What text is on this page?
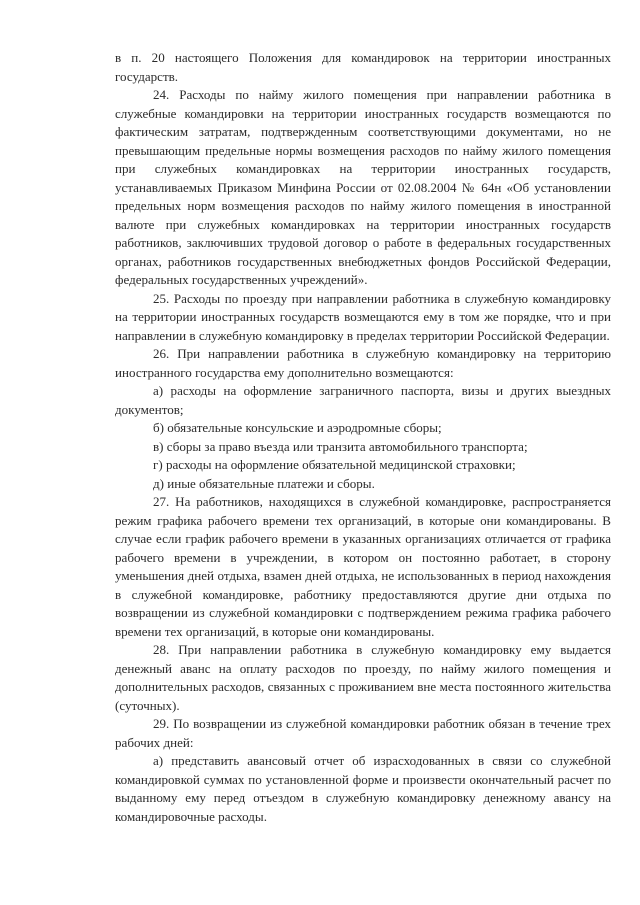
в п. 20 настоящего Положения для командировок на территории иностранных государств.

24. Расходы по найму жилого помещения при направлении работника в служебные командировки на территории иностранных государств возмещаются по фактическим затратам, подтвержденным соответствующими документами, но не превышающим предельные нормы возмещения расходов по найму жилого помещения при служебных командировках на территории иностранных государств, устанавливаемых Приказом Минфина России от 02.08.2004 № 64н «Об установлении предельных норм возмещения расходов по найму жилого помещения в иностранной валюте при служебных командировках на территории иностранных государств работников, заключивших трудовой договор о работе в федеральных государственных органах, работников государственных внебюджетных фондов Российской Федерации, федеральных государственных учреждений».

25. Расходы по проезду при направлении работника в служебную командировку на территории иностранных государств возмещаются ему в том же порядке, что и при направлении в служебную командировку в пределах территории Российской Федерации.

26. При направлении работника в служебную командировку на территорию иностранного государства ему дополнительно возмещаются:

а) расходы на оформление заграничного паспорта, визы и других выездных документов;

б) обязательные консульские и аэродромные сборы;

в) сборы за право въезда или транзита автомобильного транспорта;

г) расходы на оформление обязательной медицинской страховки;

д) иные обязательные платежи и сборы.

27. На работников, находящихся в служебной командировке, распространяется режим графика рабочего времени тех организаций, в которые они командированы. В случае если график рабочего времени в указанных организациях отличается от графика рабочего времени в учреждении, в котором он постоянно работает, в сторону уменьшения дней отдыха, взамен дней отдыха, не использованных в период нахождения в служебной командировке, работнику предоставляются другие дни отдыха по возвращении из служебной командировки с подтверждением режима графика рабочего времени тех организаций, в которые они командированы.

28. При направлении работника в служебную командировку ему выдается денежный аванс на оплату расходов по проезду, по найму жилого помещения и дополнительных расходов, связанных с проживанием вне места постоянного жительства (суточных).

29. По возвращении из служебной командировки работник обязан в течение трех рабочих дней:

а) представить авансовый отчет об израсходованных в связи со служебной командировкой суммах по установленной форме и произвести окончательный расчет по выданному ему перед отъездом в служебную командировку денежному авансу на командировочные расходы.
